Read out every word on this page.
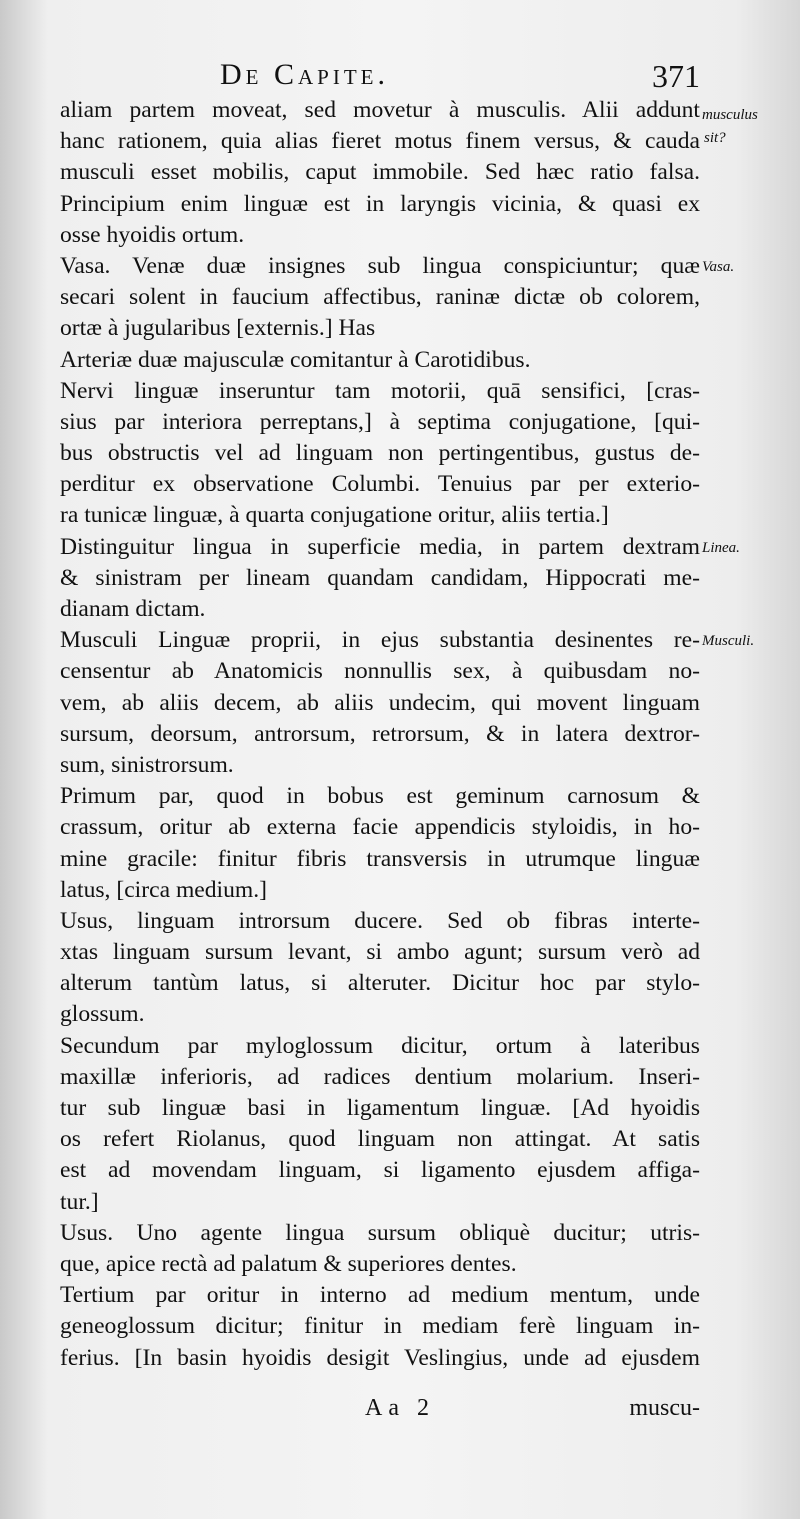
De Capite.	371
aliam partem moveat, sed movetur à musculis. Alii addunt
hanc rationem, quia alias fieret motus finem versus, & cauda
musculi esset mobilis, caput immobile. Sed hæc ratio falsa.
Principium enim linguæ est in laryngis vicinia, & quasi ex
osse hyoidis ortum.
Vasa. Venæ duæ insignes sub lingua conspiciuntur; quæ
secari solent in faucium affectibus, raninæ dictæ ob colorem,
ortæ à jugularibus [externis.] Has
Arteriæ duæ majusculæ comitantur à Carotidibus.
Nervi linguæ inseruntur tam motorii, quā sensifici, [cras-
sius par interiora perreptans,] à septima conjugatione, [qui-
bus obstructis vel ad linguam non pertingentibus, gustus de-
perditur ex observatione Columbi. Tenuius par per exterio-
ra tunicæ linguæ, à quarta conjugatione oritur, aliis tertia.]
Distinguitur lingua in superficie media, in partem dextram
& sinistram per lineam quandam candidam, Hippocrati me-
dianam dictam.
Musculi Linguæ proprii, in ejus substantia desinentes re-
censentur ab Anatomicis nonnullis sex, à quibusdam no-
vem, ab aliis decem, ab aliis undecim, qui movent linguam
sursum, deorsum, antrorsum, retrorsum, & in latera dextror-
sum, sinistrorsum.
Primum par, quod in bobus est geminum carnosum &
crassum, oritur ab externa facie appendicis styloidis, in ho-
mine gracile: finitur fibris transversis in utrumque linguæ
latus, [circa medium.]
Usus, linguam introrsum ducere. Sed ob fibras interte-
xtas linguam sursum levant, si ambo agunt; sursum verò ad
alterum tantùm latus, si alteruter. Dicitur hoc par stylo-
glossum.
Secundum par myloglossum dicitur, ortum à lateribus
maxillæ inferioris, ad radices dentium molarium. Inseri-
tur sub linguæ basi in ligamentum linguæ. [Ad hyoidis
os refert Riolanus, quod linguam non attingat. At satis
est ad movendam linguam, si ligamento ejusdem affiga-
tur.]
Usus. Uno agente lingua sursum obliquè ducitur; utris-
que, apice rectà ad palatum & superiores dentes.
Tertium par oritur in interno ad medium mentum, unde
geneoglossum dicitur; finitur in mediam ferè linguam in-
ferius. [In basin hyoidis desigit Veslingius, unde ad ejusdem
musculus
sit?
Vasa.
Linea.
Musculi.
Aa 2	muscu-
